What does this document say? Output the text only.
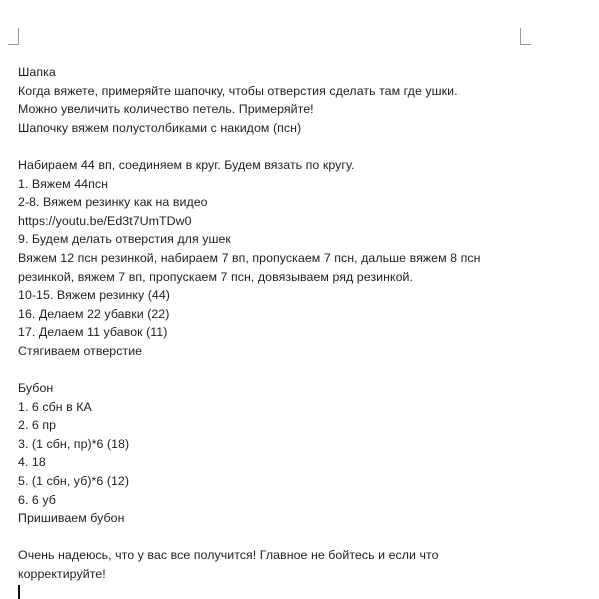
Шапка
Когда вяжете, примеряйте шапочку, чтобы отверстия сделать там где ушки.
Можно увеличить количество петель. Примеряйте!
Шапочку вяжем полустолбиками с накидом (псн)
Набираем 44 вп, соединяем в круг. Будем вязать по кругу.
1. Вяжем 44псн
2-8. Вяжем резинку как на видео
https://youtu.be/Ed3t7UmTDw0
9. Будем делать отверстия для ушек
Вяжем 12 псн резинкой, набираем 7 вп, пропускаем 7 псн, дальше вяжем 8 псн
резинкой, вяжем 7 вп, пропускаем 7 псн, довязываем ряд резинкой.
10-15. Вяжем резинку (44)
16. Делаем 22 убавки (22)
17. Делаем 11 убавок (11)
Стягиваем отверстие
Бубон
1. 6 сбн в КА
2. 6 пр
3. (1 сбн, пр)*6 (18)
4. 18
5. (1 сбн, уб)*6 (12)
6. 6 уб
Пришиваем бубон
Очень надеюсь, что у вас все получится! Главное не бойтесь и если что
корректируйте!
